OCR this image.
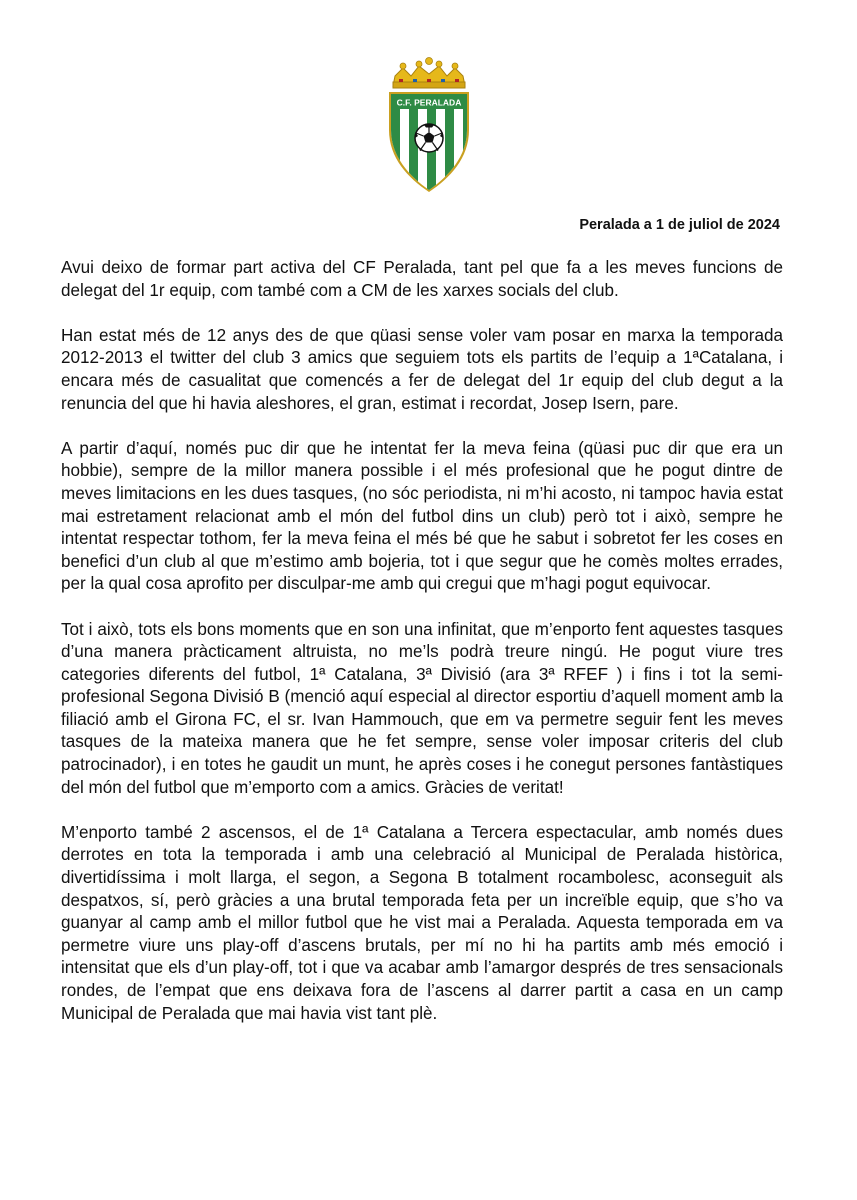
C.F. PERALADA
Peralada a 1 de juliol de 2024

Avui deixo de formar part activa del CF Peralada, tant pel que fa a les meves funcions de delegat del 1r equip, com també com a CM de les xarxes socials del club.

Han estat més de 12 anys des de que qüasi sense voler vam posar en marxa la temporada 2012-2013 el twitter del club 3 amics que seguiem tots els partits de l’equip a 1ªCatalana, i encara més de casualitat que comencés a fer de delegat del 1r equip del club degut a la renuncia del que hi havia aleshores, el gran, estimat i recordat, Josep Isern, pare.

A partir d’aquí, només puc dir que he intentat fer la meva feina (qüasi puc dir que era un hobbie), sempre de la millor manera possible i el més profesional que he pogut dintre de meves limitacions en les dues tasques, (no sóc periodista, ni m’hi acosto, ni tampoc havia estat mai estretament relacionat amb el món del futbol dins un club) però tot i això, sempre he intentat respectar tothom, fer la meva feina el més bé que he sabut i sobretot fer les coses en benefici d’un club al que m’estimo amb bojeria, tot i que segur que he comès moltes errades, per la qual cosa aprofito per disculpar-me amb qui cregui que m’hagi pogut equivocar.

Tot i això, tots els bons moments que en son una infinitat, que m’enporto fent aquestes tasques d’una manera pràcticament altruista, no me’ls podrà treure ningú. He pogut viure tres categories diferents del futbol, 1ª Catalana, 3ª Divisió (ara 3ª RFEF ) i fins i tot la semi-profesional Segona Divisió B (menció aquí especial al director esportiu d’aquell moment amb la filiació amb el Girona FC, el sr. Ivan Hammouch, que em va permetre seguir fent les meves tasques de la mateixa manera que he fet sempre, sense voler imposar criteris del club patrocinador), i en totes he gaudit un munt, he après coses i he conegut persones fantàstiques del món del futbol que m’emporto com a amics. Gràcies de veritat!

M’enporto també 2 ascensos, el de 1ª Catalana a Tercera espectacular, amb només dues derrotes en tota la temporada i amb una celebració al Municipal de Peralada històrica, divertidíssima i molt llarga, el segon, a Segona B totalment rocambolesc, aconseguit als despatxos, sí, però gràcies a una brutal temporada feta per un increïble equip, que s’ho va guanyar al camp amb el millor futbol que he vist mai a Peralada. Aquesta temporada em va permetre viure uns play-off d’ascens brutals, per mí no hi ha partits amb més emoció i intensitat que els d’un play-off, tot i que va acabar amb l’amargor després de tres sensacionals rondes, de l’empat que ens deixava fora de l’ascens al darrer partit a casa en un camp Municipal de Peralada que mai havia vist tant plè.
